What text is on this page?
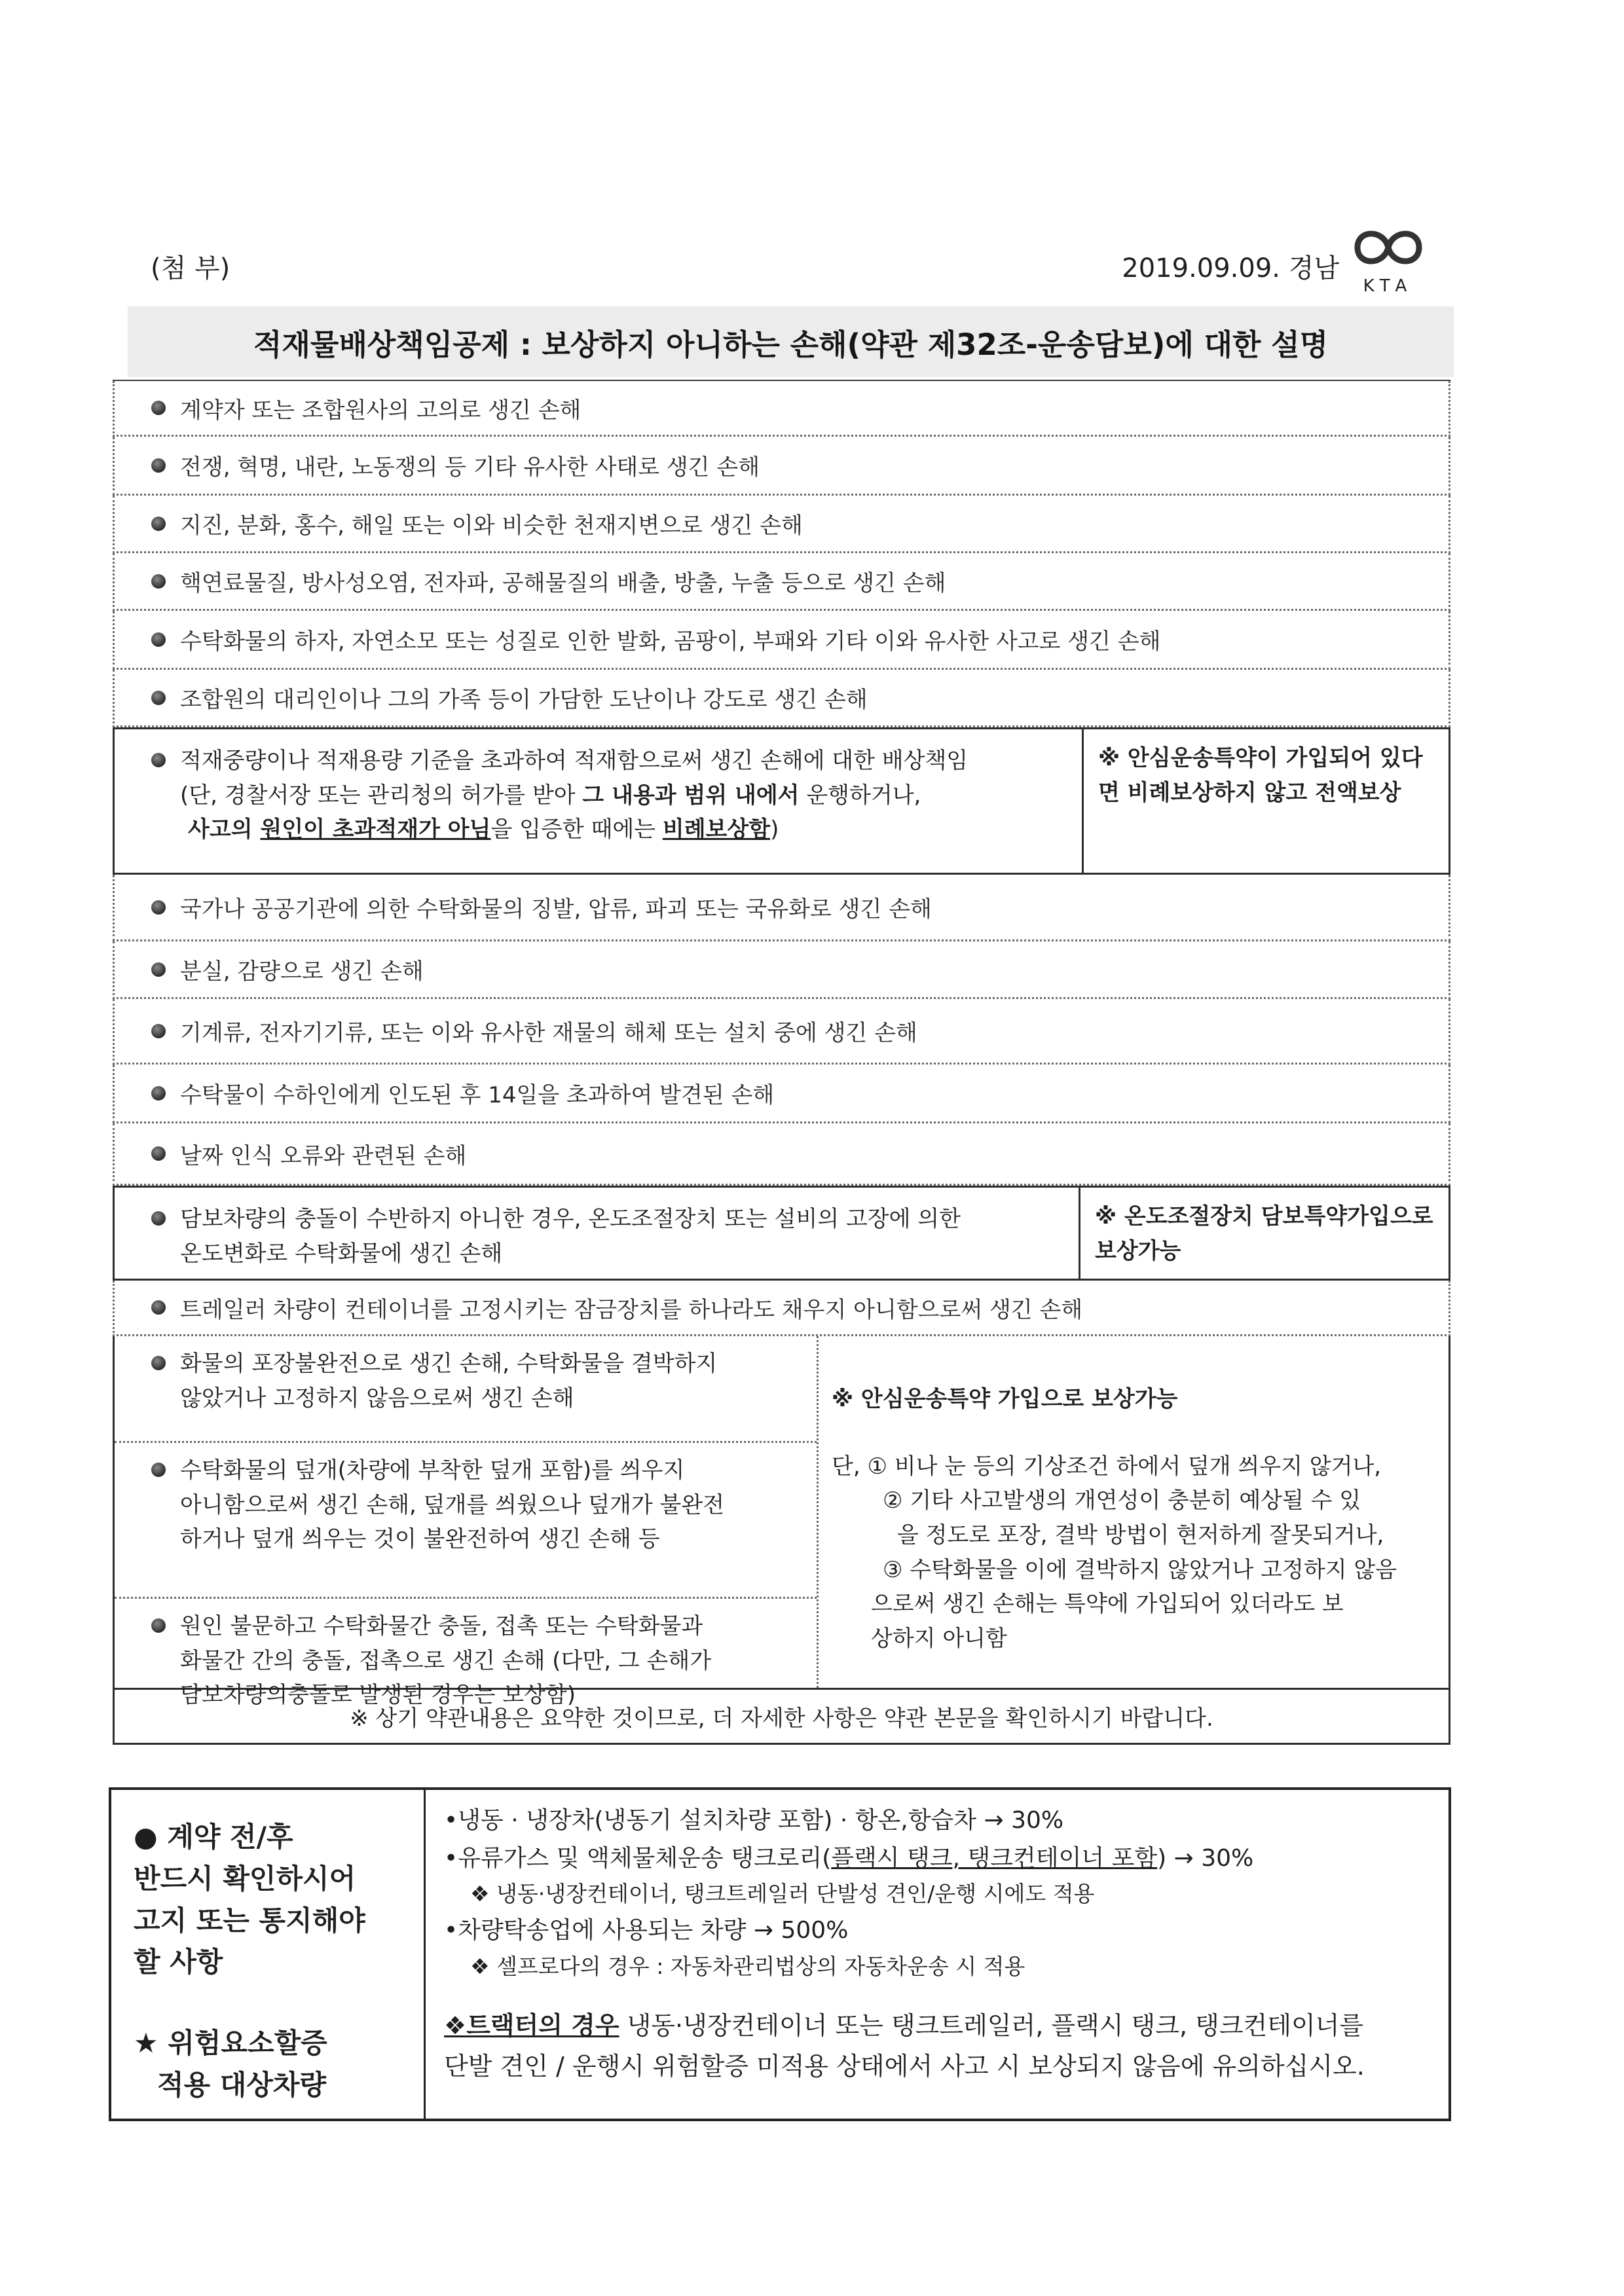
(첨 부)	2019.09.09. 경남
KTA
적재물배상책임공제 : 보상하지 아니하는 손해(약관 제32조-운송담보)에 대한 설명
계약자 또는 조합원사의 고의로 생긴 손해
전쟁, 혁명, 내란, 노동쟁의 등 기타 유사한 사태로 생긴 손해
지진, 분화, 홍수, 해일 또는 이와 비슷한 천재지변으로 생긴 손해
핵연료물질, 방사성오염, 전자파, 공해물질의 배출, 방출, 누출 등으로 생긴 손해
수탁화물의 하자, 자연소모 또는 성질로 인한 발화, 곰팡이, 부패와 기타 이와 유사한 사고로 생긴 손해
조합원의 대리인이나 그의 가족 등이 가담한 도난이나 강도로 생긴 손해
적재중량이나 적재용량 기준을 초과하여 적재함으로써 생긴 손해에 대한 배상책임
(단, 경찰서장 또는 관리청의 허가를 받아 그 내용과 범위 내에서 운행하거나,
사고의 원인이 초과적재가 아님을 입증한 때에는 비례보상함)
※ 안심운송특약이 가입되어 있다면 비례보상하지 않고 전액보상
국가나 공공기관에 의한 수탁화물의 징발, 압류, 파괴 또는 국유화로 생긴 손해
분실, 감량으로 생긴 손해
기계류, 전자기기류, 또는 이와 유사한 재물의 해체 또는 설치 중에 생긴 손해
수탁물이 수하인에게 인도된 후 14일을 초과하여 발견된 손해
날짜 인식 오류와 관련된 손해
담보차량의 충돌이 수반하지 아니한 경우, 온도조절장치 또는 설비의 고장에 의한
온도변화로 수탁화물에 생긴 손해
※ 온도조절장치 담보특약가입으로 보상가능
트레일러 차량이 컨테이너를 고정시키는 잠금장치를 하나라도 채우지 아니함으로써 생긴 손해
화물의 포장불완전으로 생긴 손해, 수탁화물을 결박하지
않았거나 고정하지 않음으로써 생긴 손해
수탁화물의 덮개(차량에 부착한 덮개 포함)를 씌우지
아니함으로써 생긴 손해, 덮개를 씌웠으나 덮개가 불완전
하거나 덮개 씌우는 것이 불완전하여 생긴 손해 등
원인 불문하고 수탁화물간 충돌, 접촉 또는 수탁화물과
화물간 간의 충돌, 접촉으로 생긴 손해 (다만, 그 손해가
담보차량의충돌로 발생된 경우는 보상함)
※ 안심운송특약 가입으로 보상가능
단, ① 비나 눈 등의 기상조건 하에서 덮개 씌우지 않거나,
② 기타 사고발생의 개연성이 충분히 예상될 수 있
을 정도로 포장, 결박 방법이 현저하게 잘못되거나,
③ 수탁화물을 이에 결박하지 않았거나 고정하지 않음
으로써 생긴 손해는 특약에 가입되어 있더라도 보
상하지 아니함
※ 상기 약관내용은 요약한 것이므로, 더 자세한 사항은 약관 본문을 확인하시기 바랍니다.
● 계약 전/후
반드시 확인하시어
고지 또는 통지해야
할 사항
★ 위험요소할증
적용 대상차량
•냉동 · 냉장차(냉동기 설치차량 포함) · 항온,항습차 → 30%
•유류가스 및 액체물체운송 탱크로리(플랙시 탱크, 탱크컨테이너 포함) → 30%
❖ 냉동·냉장컨테이너, 탱크트레일러 단발성 견인/운행 시에도 적용
•차량탁송업에 사용되는 차량 → 500%
❖ 셀프로다의 경우 : 자동차관리법상의 자동차운송 시 적용
❖트랙터의 경우 냉동·냉장컨테이너 또는 탱크트레일러, 플랙시 탱크, 탱크컨테이너를
단발 견인 / 운행시 위험할증 미적용 상태에서 사고 시 보상되지 않음에 유의하십시오.
